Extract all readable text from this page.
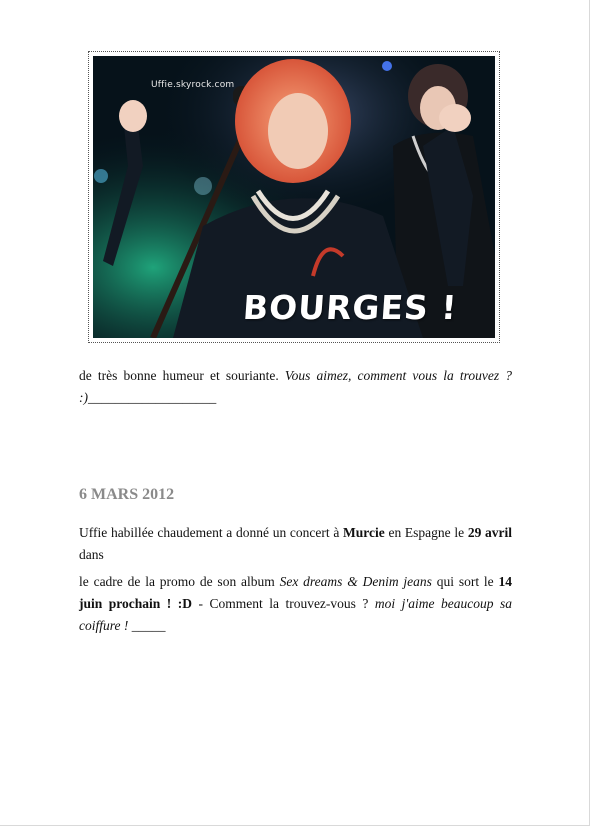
Uffie.skyrock.com
BOURGES !
de très bonne humeur et souriante. Vous aimez, comment vous la trouvez ? :)___________________
6 MARS 2012
Uffie habillée chaudement a donné un concert à Murcie en Espagne le 29 avril dans
le cadre de la promo de son album Sex dreams & Denim jeans qui sort le 14 juin prochain ! :D - Comment la trouvez-vous ? moi j'aime beaucoup sa coiffure ! _____
